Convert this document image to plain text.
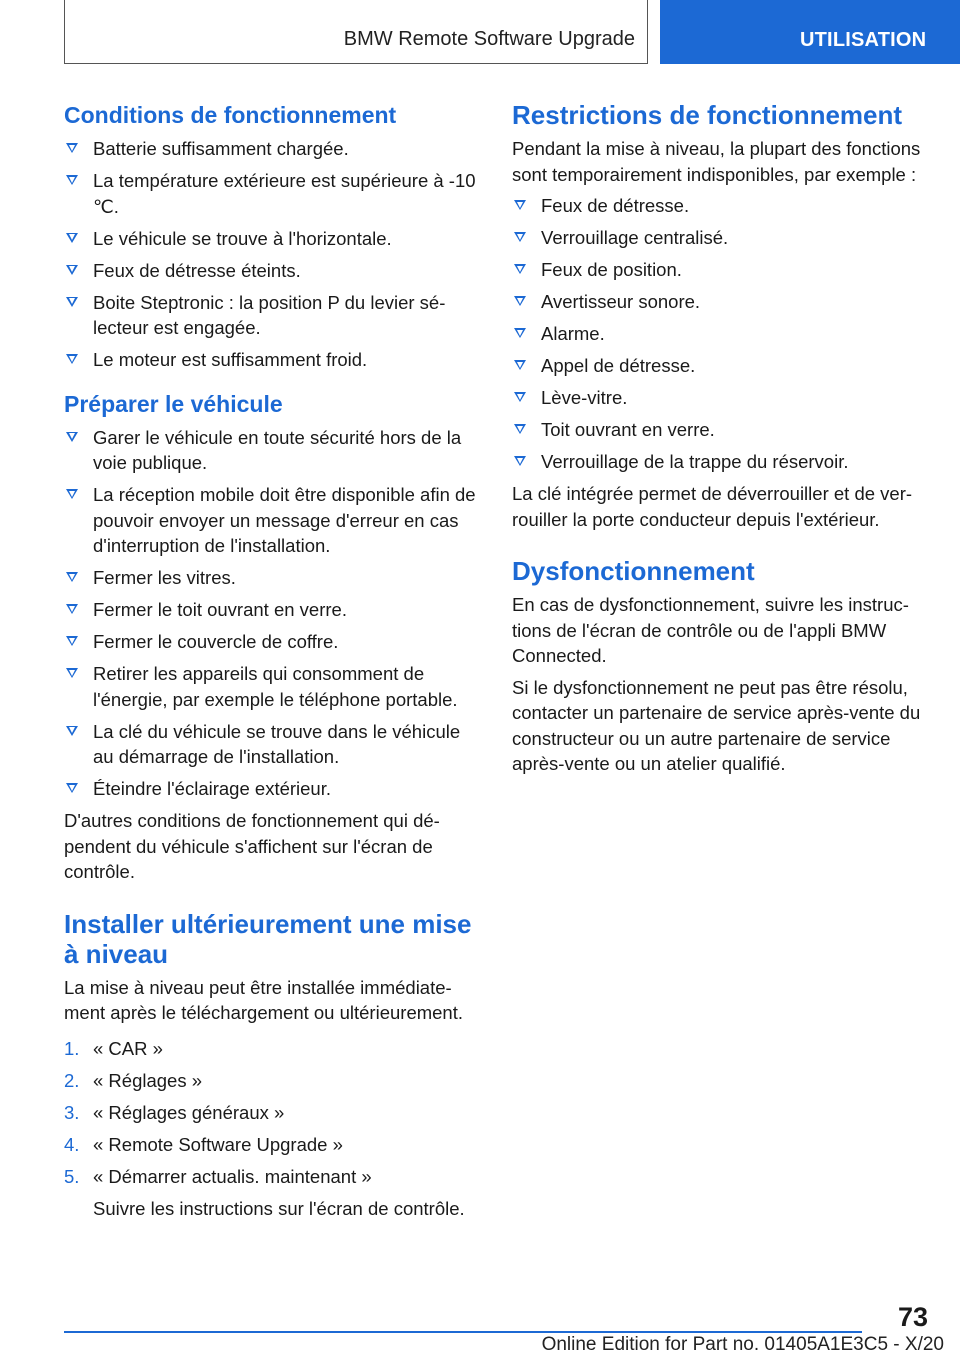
BMW Remote Software Upgrade	UTILISATION
Conditions de fonctionnement
Batterie suffisamment chargée.
La température extérieure est supérieure à -10 ℃.
Le véhicule se trouve à l'horizontale.
Feux de détresse éteints.
Boite Steptronic : la position P du levier sélecteur est engagée.
Le moteur est suffisamment froid.
Préparer le véhicule
Garer le véhicule en toute sécurité hors de la voie publique.
La réception mobile doit être disponible afin de pouvoir envoyer un message d'erreur en cas d'interruption de l'installation.
Fermer les vitres.
Fermer le toit ouvrant en verre.
Fermer le couvercle de coffre.
Retirer les appareils qui consomment de l'énergie, par exemple le téléphone portable.
La clé du véhicule se trouve dans le véhicule au démarrage de l'installation.
Éteindre l'éclairage extérieur.

D'autres conditions de fonctionnement qui dépendent du véhicule s'affichent sur l'écran de contrôle.

Installer ultérieurement une mise à niveau

La mise à niveau peut être installée immédiatement après le téléchargement ou ultérieurement.

1. « CAR »
2. « Réglages »
3. « Réglages généraux »
4. « Remote Software Upgrade »
5. « Démarrer actualis. maintenant »
Suivre les instructions sur l'écran de contrôle.
Restrictions de fonctionnement

Pendant la mise à niveau, la plupart des fonctions sont temporairement indisponibles, par exemple :

Feux de détresse.
Verrouillage centralisé.
Feux de position.
Avertisseur sonore.
Alarme.
Appel de détresse.
Lève-vitre.
Toit ouvrant en verre.
Verrouillage de la trappe du réservoir.

La clé intégrée permet de déverrouiller et de verrouiller la porte conducteur depuis l'extérieur.

Dysfonctionnement

En cas de dysfonctionnement, suivre les instructions de l'écran de contrôle ou de l'appli BMW Connected.

Si le dysfonctionnement ne peut pas être résolu, contacter un partenaire de service après-vente du constructeur ou un autre partenaire de service après-vente ou un atelier qualifié.

73
Online Edition for Part no. 01405A1E3C5 - X/20
